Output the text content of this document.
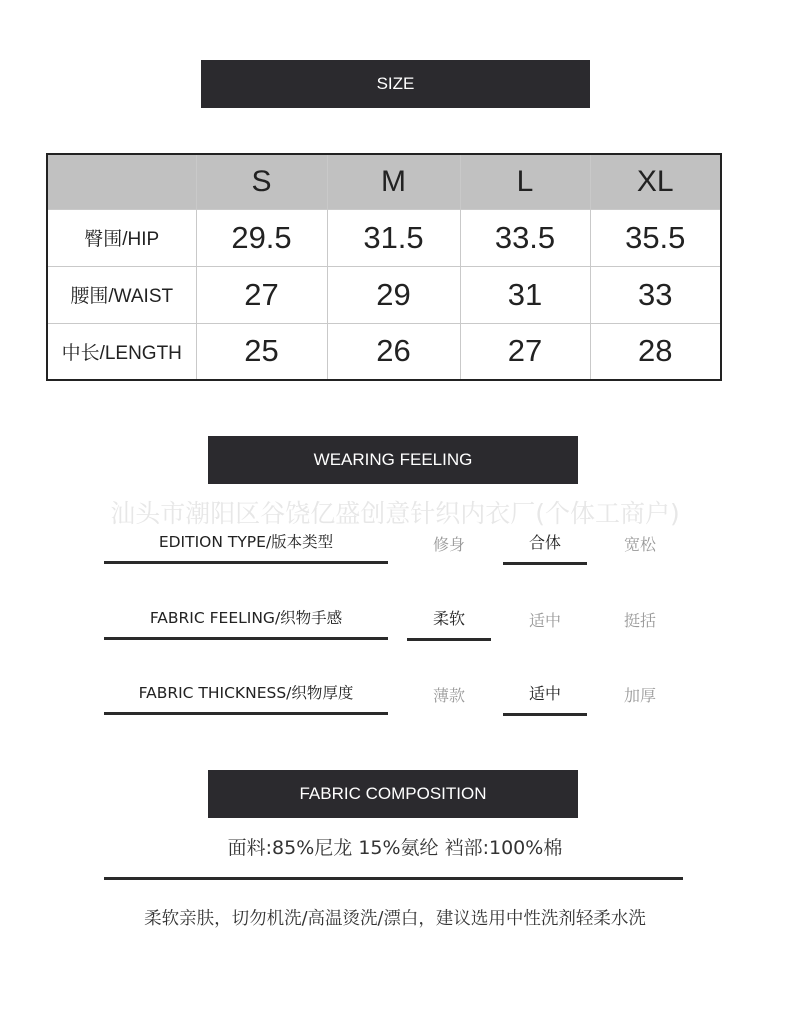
SIZE
	S	M	L	XL
臀围/HIP	29.5	31.5	33.5	35.5
腰围/WAIST	27	29	31	33
中长/LENGTH	25	26	27	28
WEARING FEELING
汕头市潮阳区谷饶亿盛创意针织内衣厂(个体工商户)
EDITION TYPE/版本类型	修身	合体	宽松
FABRIC FEELING/织物手感	柔软	适中	挺括
FABRIC THICKNESS/织物厚度	薄款	适中	加厚
FABRIC COMPOSITION
面料:85%尼龙 15%氨纶 裆部:100%棉
柔软亲肤，切勿机洗/高温烫洗/漂白，建议选用中性洗剂轻柔水洗
